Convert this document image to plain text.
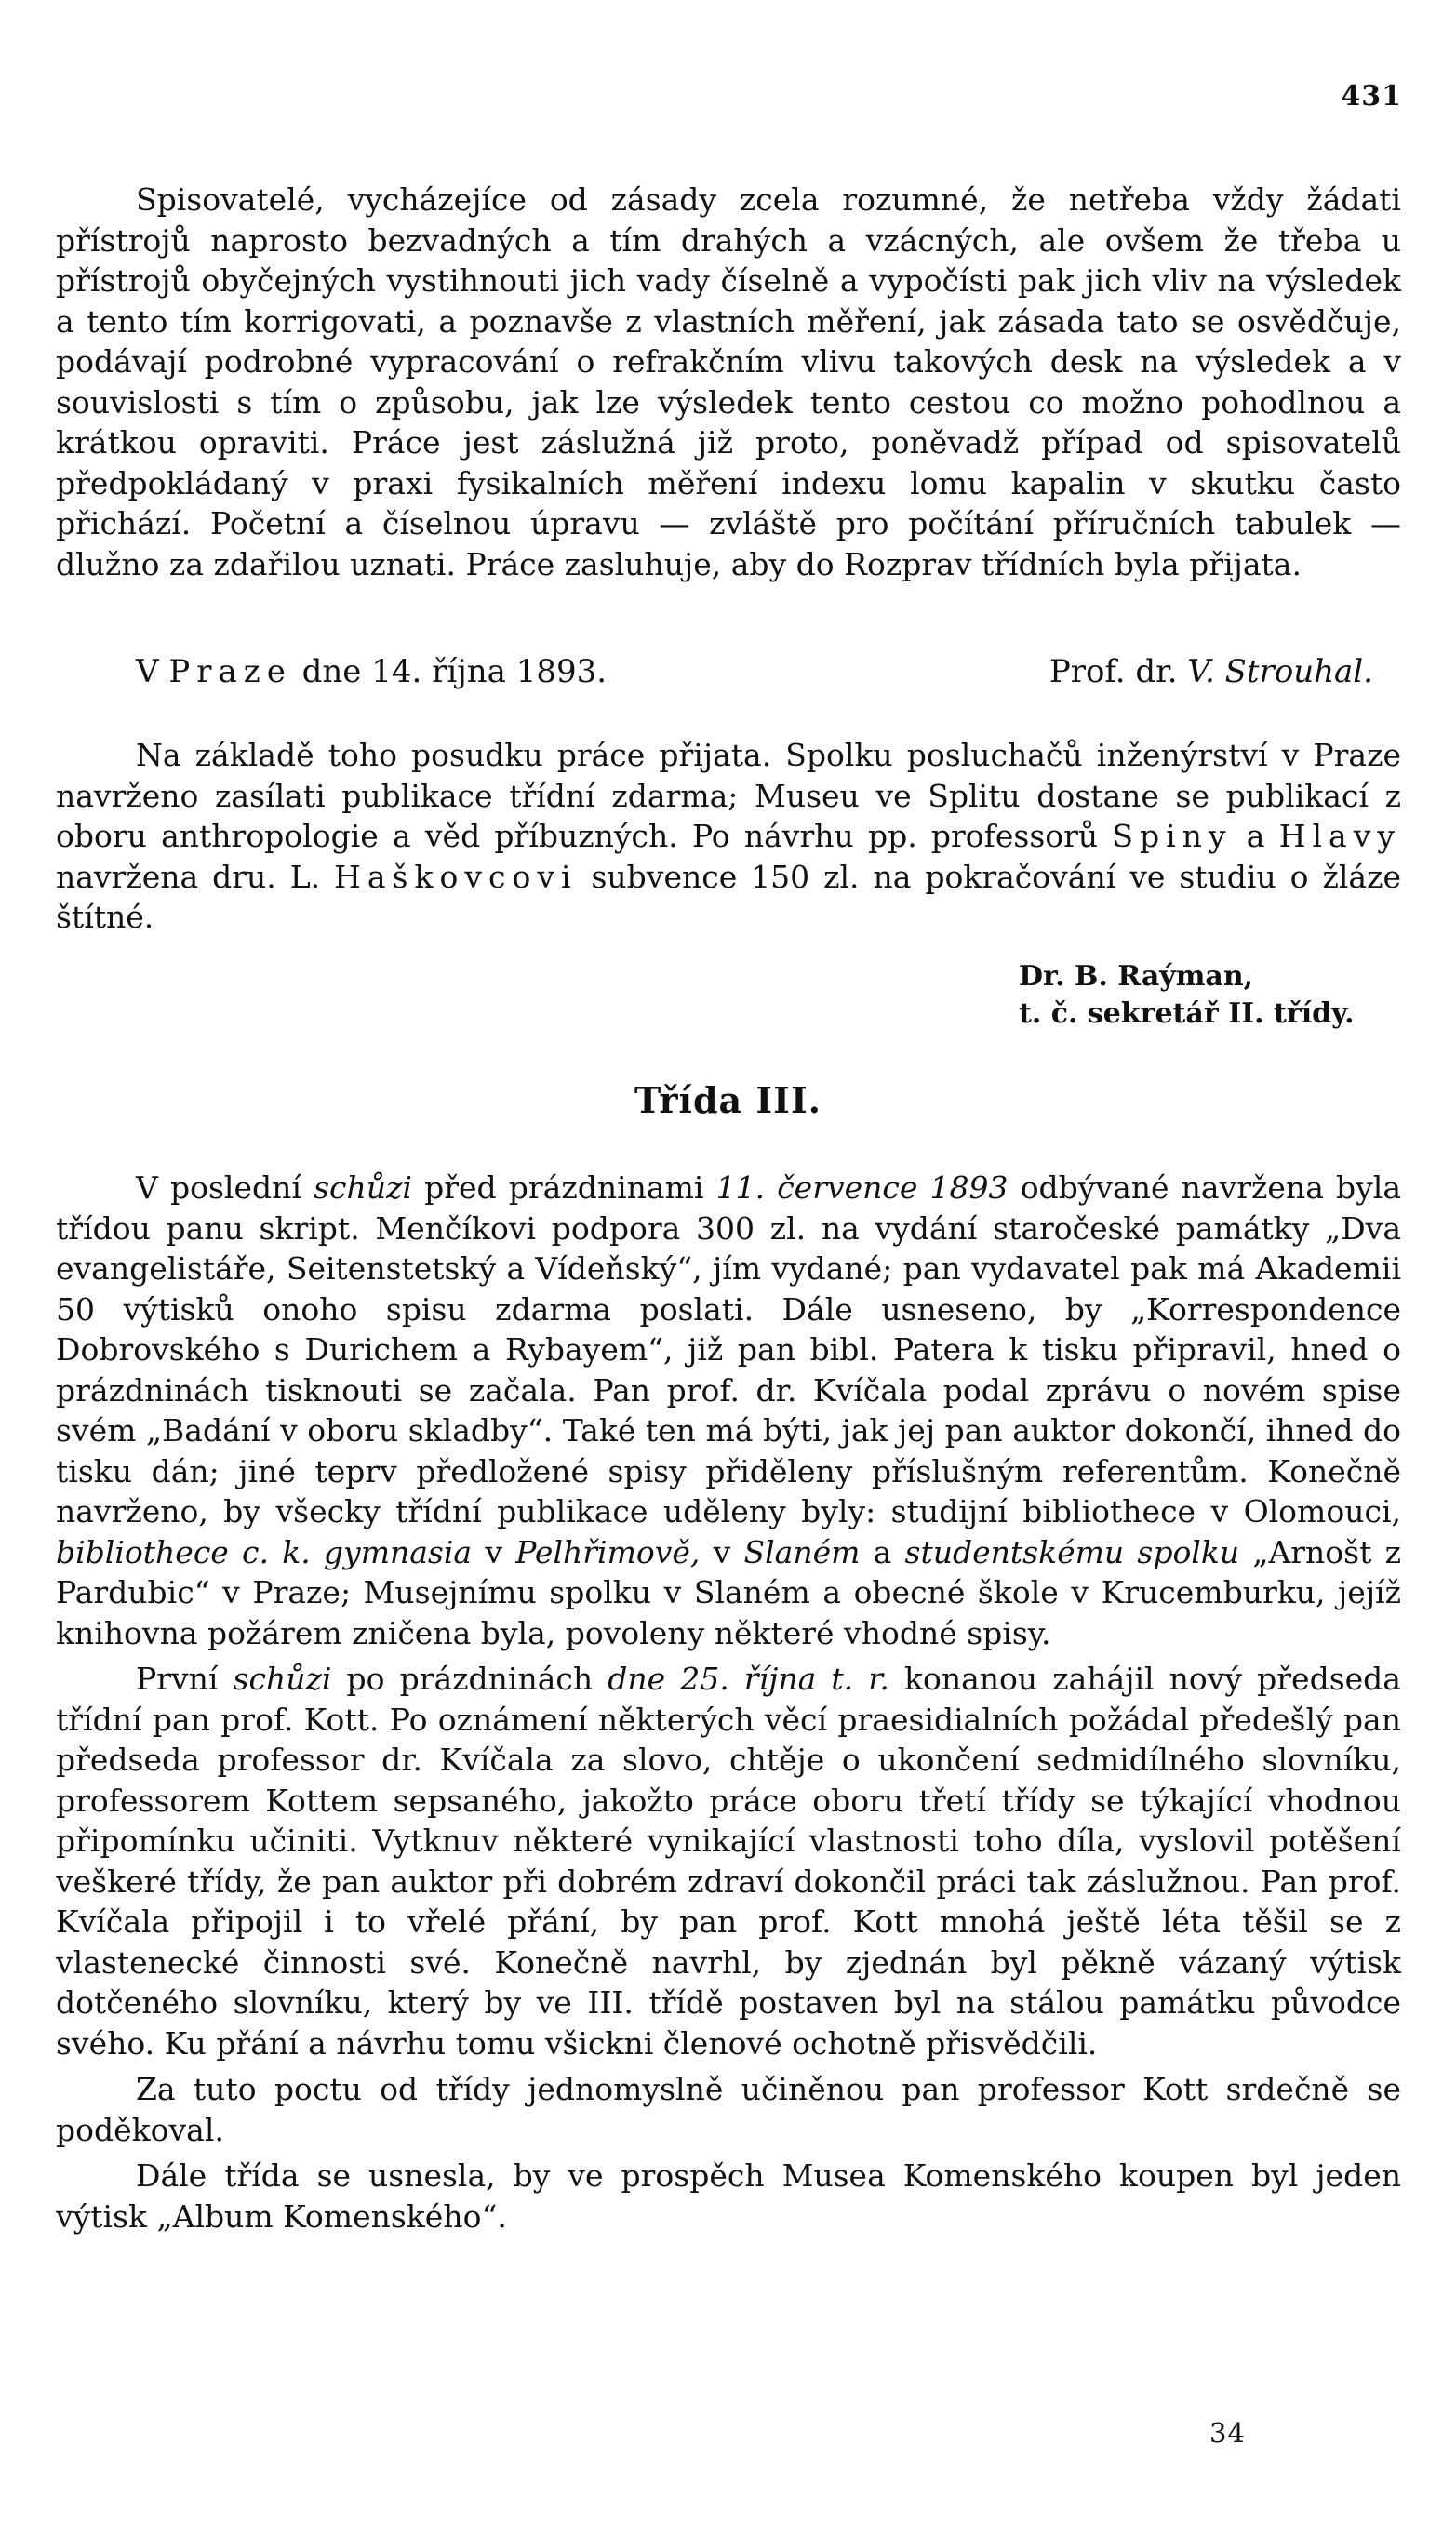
431

Spisovatelé, vycházejíce od zásady zcela rozumné, že netřeba vždy žádati přístrojů naprosto bezvadných a tím drahých a vzácných, ale ovšem že třeba u přístrojů obyčejných vystihnouti jich vady číselně a vypočísti pak jich vliv na výsledek a tento tím korrigovati, a poznavše z vlastních měření, jak zásada tato se osvědčuje, podávají podrobné vypracování o refrakčním vlivu takových desk na výsledek a v souvislosti s tím o způsobu, jak lze výsledek tento cestou co možno pohodlnou a krátkou opraviti. Práce jest záslužná již proto, poněvadž případ od spisovatelů předpokládaný v praxi fysikalních měření indexu lomu kapalin v skutku často přichází. Početní a číselnou úpravu — zvláště pro počítání příručních tabulek — dlužno za zdařilou uznati. Práce zasluhuje, aby do Rozprav třídních byla přijata.

V Praze dne 14. října 1893.	Prof. dr. V. Strouhal.

Na základě toho posudku práce přijata. Spolku posluchačů inženýrství v Praze navrženo zasílati publikace třídní zdarma; Museu ve Splitu dostane se publikací z oboru anthropologie a věd příbuzných. Po návrhu pp. professorů Spiny a Hlavy navržena dru. L. Haškovcovi subvence 150 zl. na pokračování ve studiu o žláze štítné.

Dr. B. Raýman,
t. č. sekretář II. třídy.
Třída III.

V poslední schůzi před prázdninami 11. července 1893 odbývané navržena byla třídou panu skript. Menčíkovi podpora 300 zl. na vydání staročeské památky „Dva evangelistáře, Seitenstetský a Vídeňský“, jím vydané; pan vydavatel pak má Akademii 50 výtisků onoho spisu zdarma poslati. Dále usneseno, by „Korrespondence Dobrovského s Durichem a Rybayem“, již pan bibl. Patera k tisku připravil, hned o prázdninách tisknouti se začala. Pan prof. dr. Kvíčala podal zprávu o novém spise svém „Badání v oboru skladby“. Také ten má býti, jak jej pan auktor dokončí, ihned do tisku dán; jiné teprv předložené spisy přiděleny příslušným referentům. Konečně navrženo, by všecky třídní publikace uděleny byly: studijní bibliothece v Olomouci, bibliothece c. k. gymnasia v Pelhřimově, v Slaném a studentskému spolku „Arnošt z Pardubic“ v Praze; Musejnímu spolku v Slaném a obecné škole v Krucemburku, jejíž knihovna požárem zničena byla, povoleny některé vhodné spisy.

První schůzi po prázdninách dne 25. října t. r. konanou zahájil nový předseda třídní pan prof. Kott. Po oznámení některých věcí praesidialních požádal předešlý pan předseda professor dr. Kvíčala za slovo, chtěje o ukončení sedmidílného slovníku, professorem Kottem sepsaného, jakožto práce oboru třetí třídy se týkající vhodnou připomínku učiniti. Vytknuv některé vynikající vlastnosti toho díla, vyslovil potěšení veškeré třídy, že pan auktor při dobrém zdraví dokončil práci tak záslužnou. Pan prof. Kvíčala připojil i to vřelé přání, by pan prof. Kott mnohá ještě léta těšil se z vlastenecké činnosti své. Konečně navrhl, by zjednán byl pěkně vázaný výtisk dotčeného slovníku, který by ve III. třídě postaven byl na stálou památku původce svého. Ku přání a návrhu tomu všickni členové ochotně přisvědčili.

Za tuto poctu od třídy jednomyslně učiněnou pan professor Kott srdečně se poděkoval.

Dále třída se usnesla, by ve prospěch Musea Komenského koupen byl jeden výtisk „Album Komenského“.

34
